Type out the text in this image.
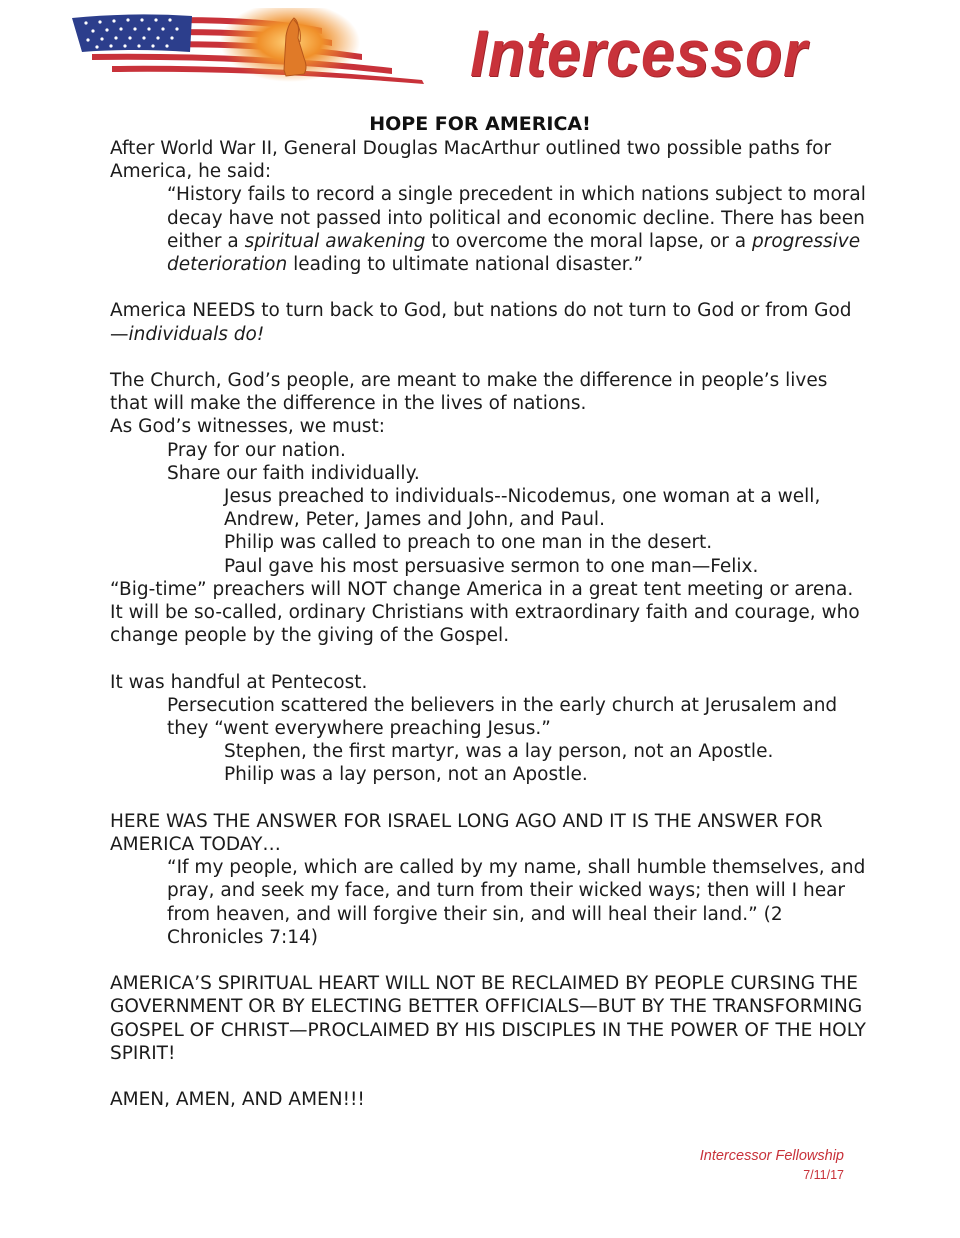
Intercessor
HOPE FOR AMERICA!

After World War II, General Douglas MacArthur outlined two possible paths for America, he said:

“History fails to record a single precedent in which nations subject to moral decay have not passed into political and economic decline. There has been either a spiritual awakening to overcome the moral lapse, or a progressive deterioration leading to ultimate national disaster.”

America NEEDS to turn back to God, but nations do not turn to God or from God—individuals do!

The Church, God’s people, are meant to make the difference in people’s lives that will make the difference in the lives of nations.

As God’s witnesses, we must:

Pray for our nation.

Share our faith individually.

Jesus preached to individuals--Nicodemus, one woman at a well, Andrew, Peter, James and John, and Paul.

Philip was called to preach to one man in the desert.

Paul gave his most persuasive sermon to one man—Felix.

“Big-time” preachers will NOT change America in a great tent meeting or arena. It will be so-called, ordinary Christians with extraordinary faith and courage, who change people by the giving of the Gospel.

It was handful at Pentecost.

Persecution scattered the believers in the early church at Jerusalem and they “went everywhere preaching Jesus.”

Stephen, the first martyr, was a lay person, not an Apostle.

Philip was a lay person, not an Apostle.

HERE WAS THE ANSWER FOR ISRAEL LONG AGO AND IT IS THE ANSWER FOR AMERICA TODAY…

“If my people, which are called by my name, shall humble themselves, and pray, and seek my face, and turn from their wicked ways; then will I hear from heaven, and will forgive their sin, and will heal their land.” (2 Chronicles 7:14)

AMERICA’S SPIRITUAL HEART WILL NOT BE RECLAIMED BY PEOPLE CURSING THE GOVERNMENT OR BY ELECTING BETTER OFFICIALS—BUT BY THE TRANSFORMING GOSPEL OF CHRIST—PROCLAIMED BY HIS DISCIPLES IN THE POWER OF THE HOLY SPIRIT!

AMEN, AMEN, AND AMEN!!!

Intercessor Fellowship
7/11/17
